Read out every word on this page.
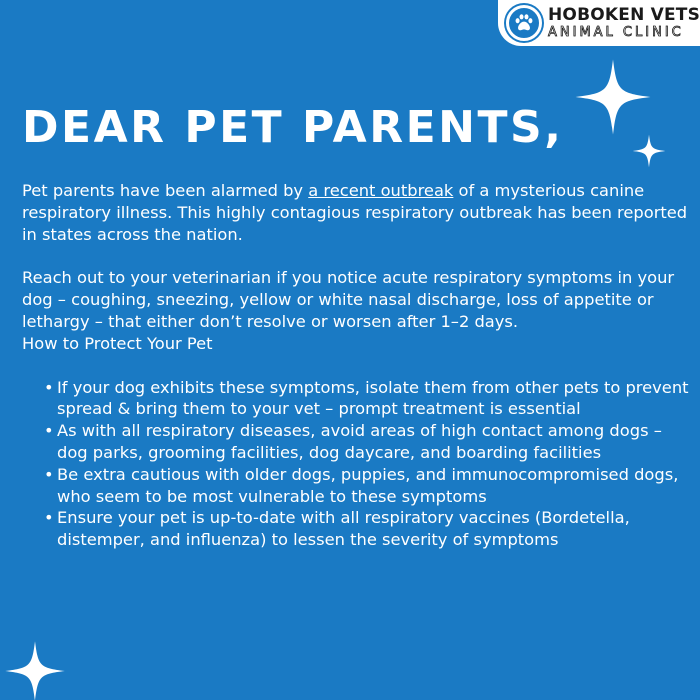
HOBOKEN VETS
ANIMAL CLINIC
DEAR PET PARENTS,

Pet parents have been alarmed by a recent outbreak of a mysterious canine respiratory illness. This highly contagious respiratory outbreak has been reported in states across the nation.

Reach out to your veterinarian if you notice acute respiratory symptoms in your dog – coughing, sneezing, yellow or white nasal discharge, loss of appetite or lethargy – that either don’t resolve or worsen after 1–2 days.

How to Protect Your Pet

• If your dog exhibits these symptoms, isolate them from other pets to prevent spread & bring them to your vet – prompt treatment is essential
• As with all respiratory diseases, avoid areas of high contact among dogs – dog parks, grooming facilities, dog daycare, and boarding facilities
• Be extra cautious with older dogs, puppies, and immunocompromised dogs, who seem to be most vulnerable to these symptoms
• Ensure your pet is up-to-date with all respiratory vaccines (Bordetella, distemper, and influenza) to lessen the severity of symptoms
